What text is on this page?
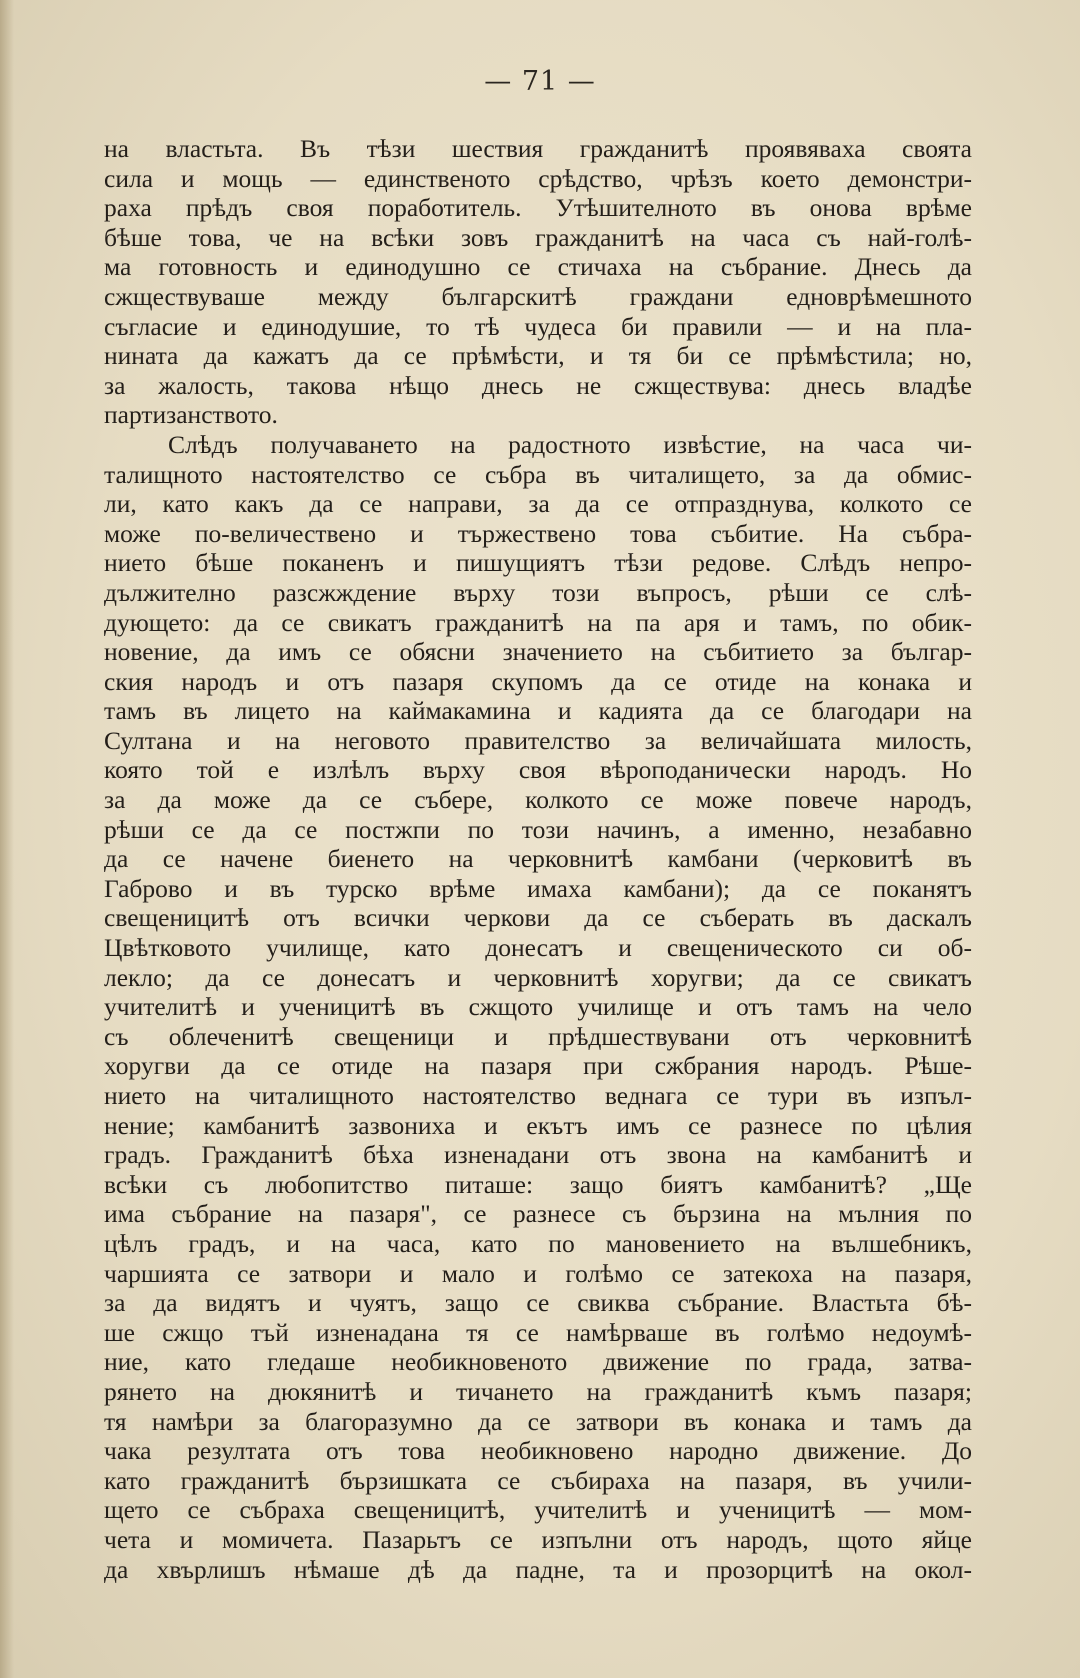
— 71 —
на властьта. Въ тѣзи шествия гражданитѣ проявяваха своята
сила и мощь — единственото срѣдство, чрѣзъ което демонстри-
раха прѣдъ своя поработитель. Утѣшителното въ онова врѣме
бѣше това, че на всѣки зовъ гражданитѣ на часа съ най-голѣ-
ма готовность и единодушно се стичаха на събрание. Днесь да
сжществуваше между българскитѣ граждани едноврѣмешното
съгласие и единодушие, то тѣ чудеса би правили — и на пла-
нината да кажатъ да се прѣмѣсти, и тя би се прѣмѣстила; но,
за жалость, такова нѣщо днесь не сжществува: днесь владѣе
партизанството.
Слѣдъ получаването на радостното извѣстие, на часа чи-
талищното настоятелство се събра въ читалището, за да обмис-
ли, като какъ да се направи, за да се отпразднува, колкото се
може по-величествено и тържествено това събитие. На събра-
нието бѣше поканенъ и пишущиятъ тѣзи редове. Слѣдъ непро-
дължително разсжждение върху този въпросъ, рѣши се слѣ-
дующето: да се свикатъ гражданитѣ на па аря и тамъ, по обик-
новение, да имъ се обясни значението на събитието за българ-
ския народъ и отъ пазаря скупомъ да се отиде на конака и
тамъ въ лицето на каймакамина и кадията да се благодари на
Султана и на неговото правителство за величайшата милость,
която той е излѣлъ върху своя вѣроподанически народъ. Но
за да може да се събере, колкото се може повече народъ,
рѣши се да се постжпи по този начинъ, а именно, незабавно
да се начене биенето на черковнитѣ камбани (черковитѣ въ
Габрово и въ турско врѣме имаха камбани); да се поканятъ
свещеницитѣ отъ всички черкови да се съберать въ даскалъ
Цвѣтковото училище, като донесатъ и свещеническото си об-
лекло; да се донесатъ и черковнитѣ хоругви; да се свикатъ
учителитѣ и ученицитѣ въ сжщото училище и отъ тамъ на чело
съ облеченитѣ свещеници и прѣдшествувани отъ черковнитѣ
хоругви да се отиде на пазаря при сжбрания народъ. Рѣше-
нието на читалищното настоятелство веднага се тури въ изпъл-
нение; камбанитѣ зазвониха и екътъ имъ се разнесе по цѣлия
градъ. Гражданитѣ бѣха изненадани отъ звона на камбанитѣ и
всѣки съ любопитство питаше: защо биятъ камбанитѣ? „Ще
има събрание на пазаря", се разнесе съ бързина на мълния по
цѣлъ градъ, и на часа, като по мановението на вълшебникъ,
чаршията се затвори и мало и голѣмо се затекоха на пазаря,
за да видятъ и чуятъ, защо се свиква събрание. Властьта бѣ-
ше сжщо тъй изненадана тя се намѣрваше въ голѣмо недоумѣ-
ние, като гледаше необикновеното движение по града, затва-
рянето на дюкянитѣ и тичането на гражданитѣ къмъ пазаря;
тя намѣри за благоразумно да се затвори въ конака и тамъ да
чака резултата отъ това необикновено народно движение. До
като гражданитѣ бързишката се събираха на пазаря, въ учили-
щето се събраха свещеницитѣ, учителитѣ и ученицитѣ — мом-
чета и момичета. Пазарьтъ се изпълни отъ народъ, щото яйце
да хвърлишъ нѣмаше дѣ да падне, та и прозорцитѣ на окол-
